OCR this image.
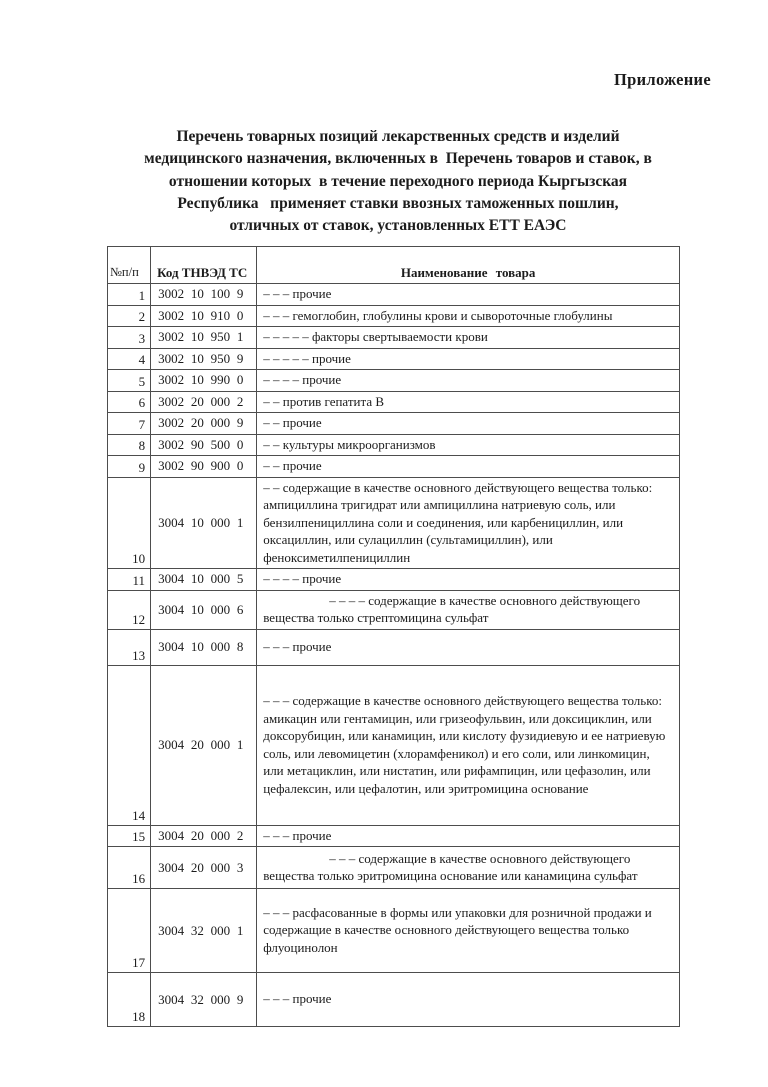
Приложение
Перечень товарных позиций лекарственных средств и изделий
медицинского назначения, включенных в  Перечень товаров и ставок, в
отношении которых  в течение переходного периода Кыргызская
Республика   применяет ставки ввозных таможенных пошлин,
отличных от ставок, установленных ЕТТ ЕАЭС
№п/п	Код ТНВЭД ТС	Наименование товара
1	3002 10 100 9	– – – прочие
2	3002 10 910 0	– – – гемоглобин, глобулины крови и сывороточные глобулины
3	3002 10 950 1	– – – – – факторы свертываемости крови
4	3002 10 950 9	– – – – – прочие
5	3002 10 990 0	– – – – прочие
6	3002 20 000 2	– – против гепатита В
7	3002 20 000 9	– – прочие
8	3002 90 500 0	– – культуры микроорганизмов
9	3002 90 900 0	– – прочие
10	3004 10 000 1	– – содержащие в качестве основного действующего вещества только: ампициллина тригидрат или ампициллина натриевую соль, или бензилпенициллина соли и соединения, или карбенициллин, или оксациллин, или сулациллин (сультамициллин), или феноксиметилпенициллин
11	3004 10 000 5	– – – – прочие
12	3004 10 000 6	– – – – содержащие в качестве основного действующего вещества только стрептомицина сульфат
13	3004 10 000 8	– – – прочие
14	3004 20 000 1	– – – содержащие в качестве основного действующего вещества только: амикацин или гентамицин, или гризеофульвин, или доксициклин, или доксорубицин, или канамицин, или кислоту фузидиевую и ее натриевую соль, или левомицетин (хлорамфеникол) и его соли, или линкомицин, или метациклин, или нистатин, или рифампицин, или цефазолин, или цефалексин, или цефалотин, или эритромицина основание
15	3004 20 000 2	– – – прочие
16	3004 20 000 3	– – – содержащие в качестве основного действующего вещества только эритромицина основание или канамицина сульфат
17	3004 32 000 1	– – – расфасованные в формы или упаковки для розничной продажи и содержащие в качестве основного действующего вещества только флуоцинолон
18	3004 32 000 9	– – – прочие
